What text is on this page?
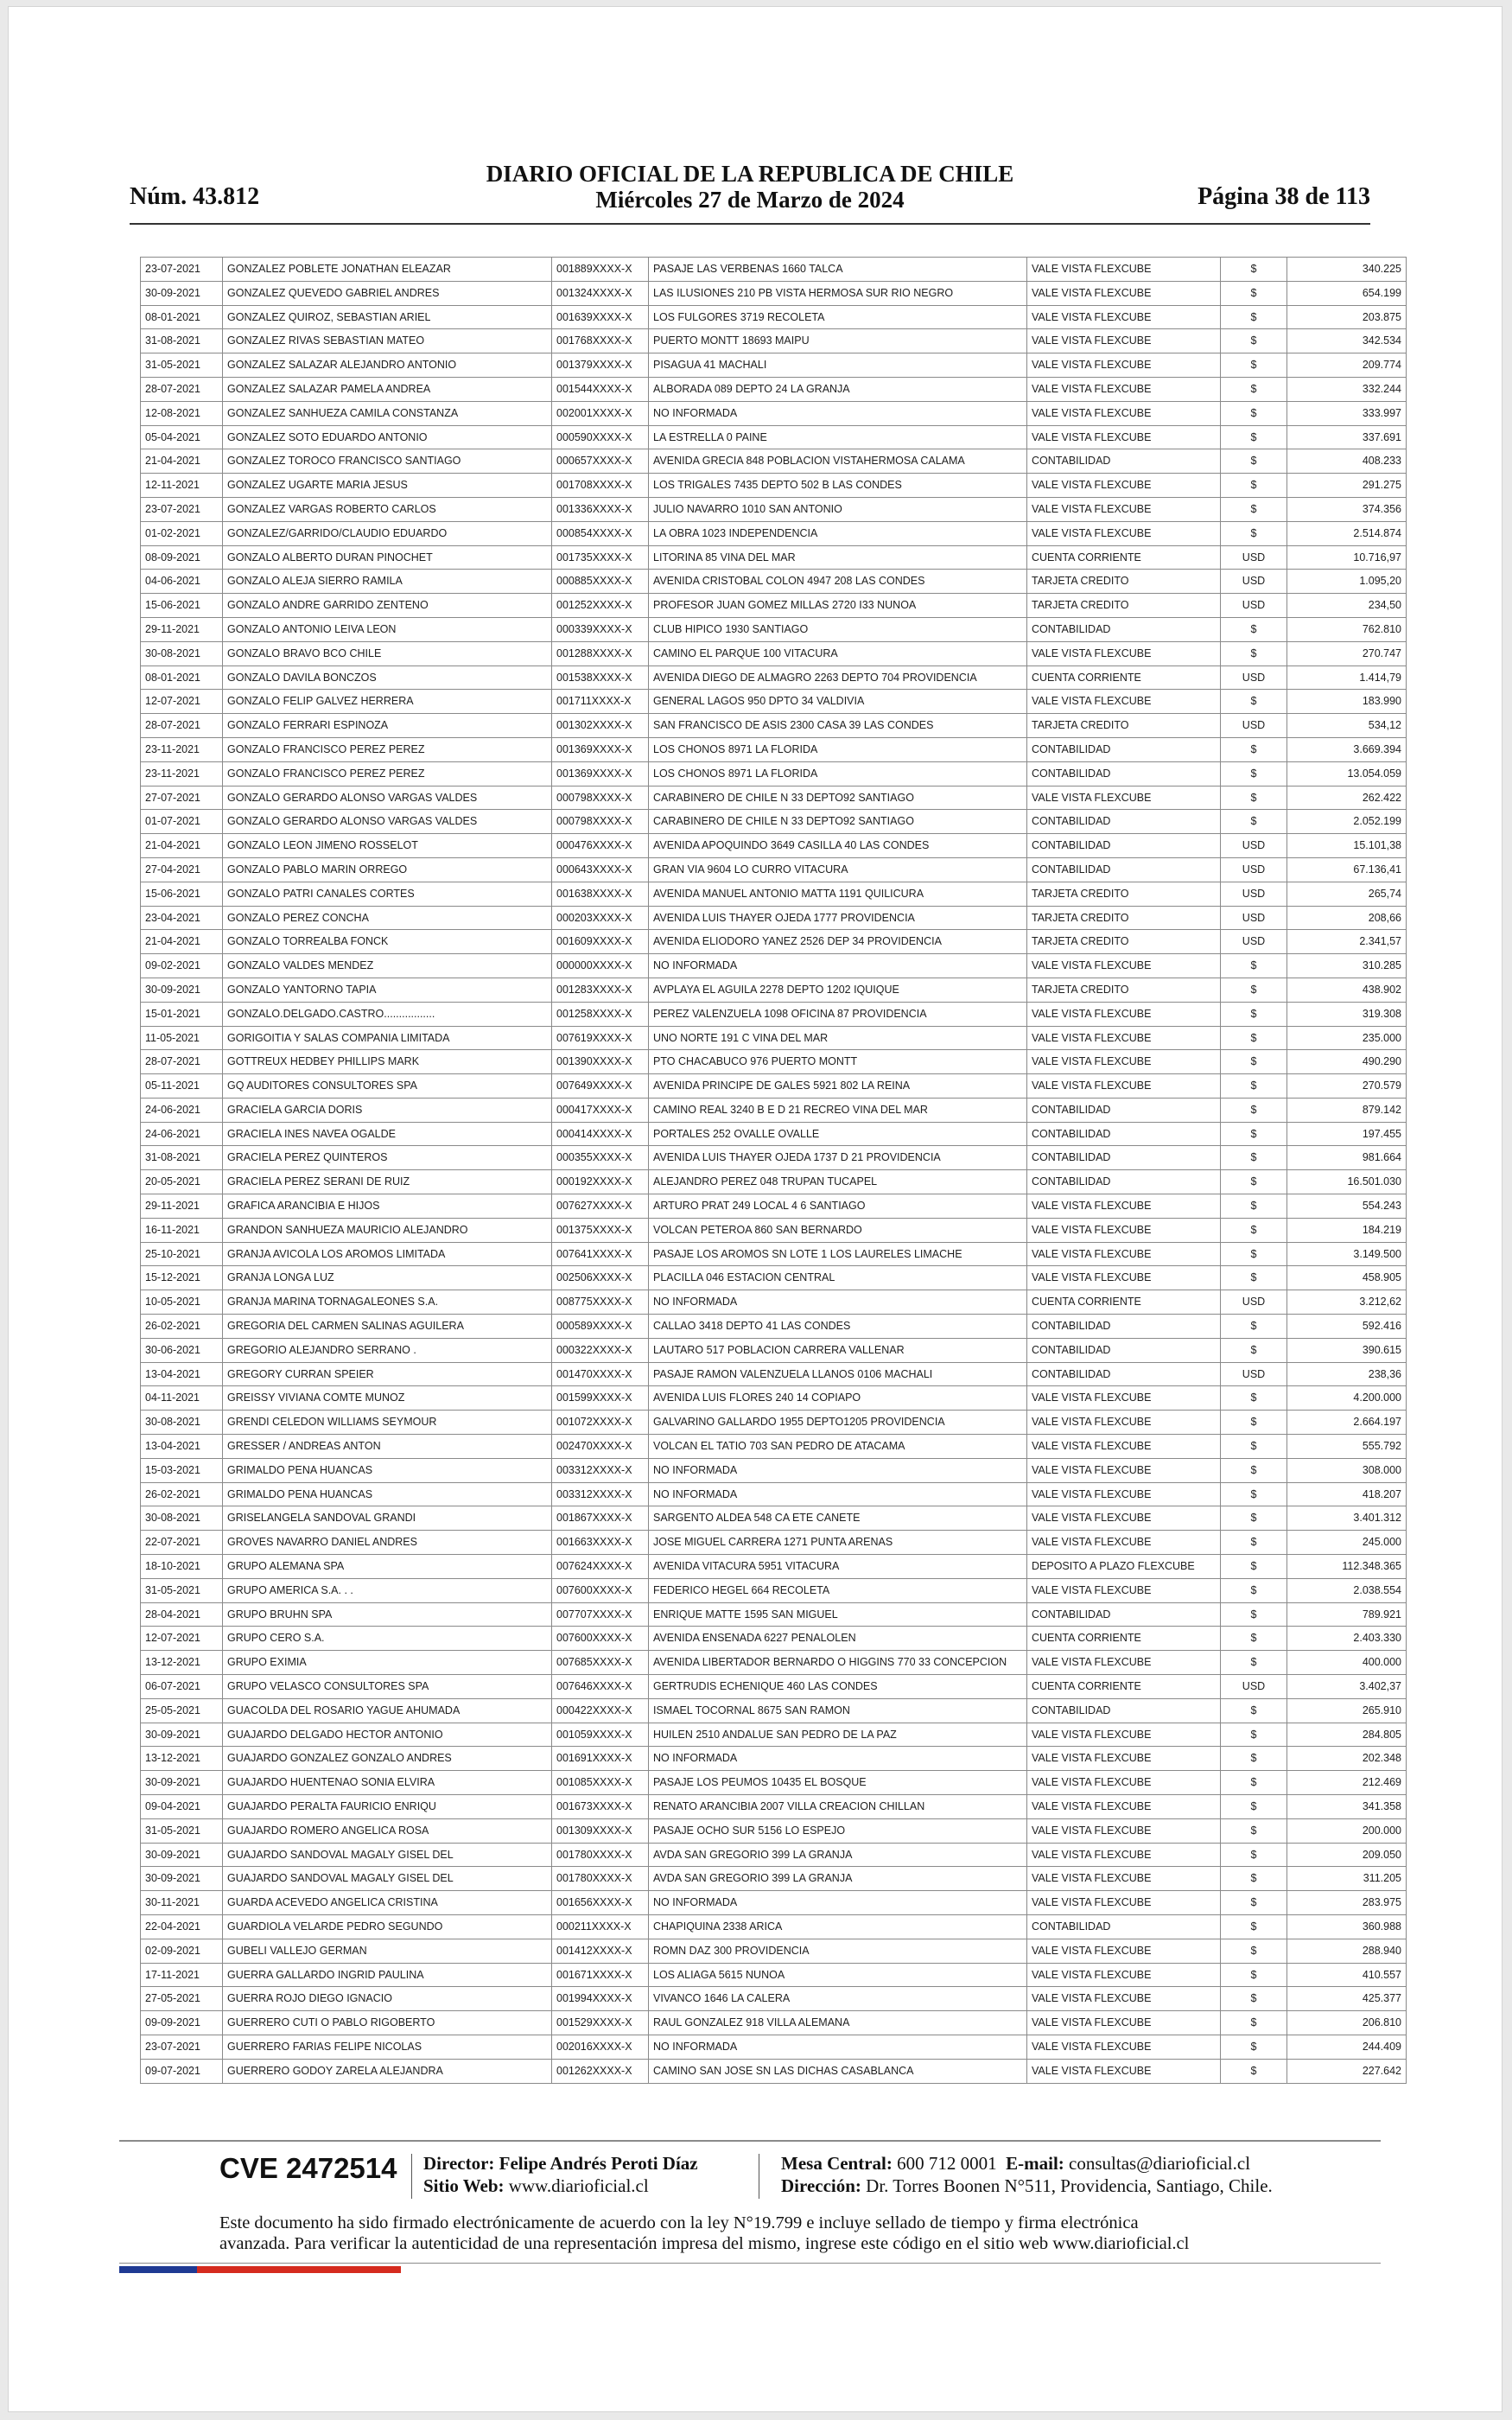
DIARIO OFICIAL DE LA REPUBLICA DE CHILE
Núm. 43.812	Miércoles 27 de Marzo de 2024	Página 38 de 113
23-07-2021	GONZALEZ POBLETE JONATHAN ELEAZAR	001889XXXX-X	PASAJE LAS VERBENAS 1660 TALCA	VALE VISTA FLEXCUBE	$	340.225
30-09-2021	GONZALEZ QUEVEDO GABRIEL ANDRES	001324XXXX-X	LAS ILUSIONES 210 PB VISTA HERMOSA SUR RIO NEGRO	VALE VISTA FLEXCUBE	$	654.199
08-01-2021	GONZALEZ QUIROZ, SEBASTIAN ARIEL	001639XXXX-X	LOS FULGORES 3719 RECOLETA	VALE VISTA FLEXCUBE	$	203.875
31-08-2021	GONZALEZ RIVAS SEBASTIAN MATEO	001768XXXX-X	PUERTO MONTT 18693 MAIPU	VALE VISTA FLEXCUBE	$	342.534
31-05-2021	GONZALEZ SALAZAR ALEJANDRO ANTONIO	001379XXXX-X	PISAGUA 41 MACHALI	VALE VISTA FLEXCUBE	$	209.774
28-07-2021	GONZALEZ SALAZAR PAMELA ANDREA	001544XXXX-X	ALBORADA 089 DEPTO 24 LA GRANJA	VALE VISTA FLEXCUBE	$	332.244
12-08-2021	GONZALEZ SANHUEZA CAMILA CONSTANZA	002001XXXX-X	NO INFORMADA	VALE VISTA FLEXCUBE	$	333.997
05-04-2021	GONZALEZ SOTO EDUARDO ANTONIO	000590XXXX-X	LA ESTRELLA 0 PAINE	VALE VISTA FLEXCUBE	$	337.691
21-04-2021	GONZALEZ TOROCO FRANCISCO SANTIAGO	000657XXXX-X	AVENIDA GRECIA 848 POBLACION VISTAHERMOSA CALAMA	CONTABILIDAD	$	408.233
12-11-2021	GONZALEZ UGARTE MARIA JESUS	001708XXXX-X	LOS TRIGALES 7435 DEPTO 502 B LAS CONDES	VALE VISTA FLEXCUBE	$	291.275
23-07-2021	GONZALEZ VARGAS ROBERTO CARLOS	001336XXXX-X	JULIO NAVARRO 1010 SAN ANTONIO	VALE VISTA FLEXCUBE	$	374.356
01-02-2021	GONZALEZ/GARRIDO/CLAUDIO EDUARDO	000854XXXX-X	LA OBRA 1023 INDEPENDENCIA	VALE VISTA FLEXCUBE	$	2.514.874
08-09-2021	GONZALO ALBERTO DURAN PINOCHET	001735XXXX-X	LITORINA 85 VINA DEL MAR	CUENTA CORRIENTE	USD	10.716,97
04-06-2021	GONZALO ALEJA SIERRO RAMILA	000885XXXX-X	AVENIDA CRISTOBAL COLON 4947 208 LAS CONDES	TARJETA CREDITO	USD	1.095,20
15-06-2021	GONZALO ANDRE GARRIDO ZENTENO	001252XXXX-X	PROFESOR JUAN GOMEZ MILLAS 2720 I33 NUNOA	TARJETA CREDITO	USD	234,50
29-11-2021	GONZALO ANTONIO LEIVA LEON	000339XXXX-X	CLUB HIPICO 1930 SANTIAGO	CONTABILIDAD	$	762.810
30-08-2021	GONZALO BRAVO BCO CHILE	001288XXXX-X	CAMINO EL PARQUE 100 VITACURA	VALE VISTA FLEXCUBE	$	270.747
08-01-2021	GONZALO DAVILA BONCZOS	001538XXXX-X	AVENIDA DIEGO DE ALMAGRO 2263 DEPTO 704 PROVIDENCIA	CUENTA CORRIENTE	USD	1.414,79
12-07-2021	GONZALO FELIP GALVEZ HERRERA	001711XXXX-X	GENERAL LAGOS 950 DPTO 34 VALDIVIA	VALE VISTA FLEXCUBE	$	183.990
28-07-2021	GONZALO FERRARI ESPINOZA	001302XXXX-X	SAN FRANCISCO DE ASIS 2300 CASA 39 LAS CONDES	TARJETA CREDITO	USD	534,12
23-11-2021	GONZALO FRANCISCO PEREZ PEREZ	001369XXXX-X	LOS CHONOS 8971 LA FLORIDA	CONTABILIDAD	$	3.669.394
23-11-2021	GONZALO FRANCISCO PEREZ PEREZ	001369XXXX-X	LOS CHONOS 8971 LA FLORIDA	CONTABILIDAD	$	13.054.059
27-07-2021	GONZALO GERARDO ALONSO VARGAS VALDES	000798XXXX-X	CARABINERO DE CHILE N 33 DEPTO92 SANTIAGO	VALE VISTA FLEXCUBE	$	262.422
01-07-2021	GONZALO GERARDO ALONSO VARGAS VALDES	000798XXXX-X	CARABINERO DE CHILE N 33 DEPTO92 SANTIAGO	CONTABILIDAD	$	2.052.199
21-04-2021	GONZALO LEON JIMENO ROSSELOT	000476XXXX-X	AVENIDA APOQUINDO 3649 CASILLA 40 LAS CONDES	CONTABILIDAD	USD	15.101,38
27-04-2021	GONZALO PABLO MARIN ORREGO	000643XXXX-X	GRAN VIA 9604 LO CURRO VITACURA	CONTABILIDAD	USD	67.136,41
15-06-2021	GONZALO PATRI CANALES CORTES	001638XXXX-X	AVENIDA MANUEL ANTONIO MATTA 1191 QUILICURA	TARJETA CREDITO	USD	265,74
23-04-2021	GONZALO PEREZ CONCHA	000203XXXX-X	AVENIDA LUIS THAYER OJEDA 1777 PROVIDENCIA	TARJETA CREDITO	USD	208,66
21-04-2021	GONZALO TORREALBA FONCK	001609XXXX-X	AVENIDA ELIODORO YANEZ 2526 DEP 34 PROVIDENCIA	TARJETA CREDITO	USD	2.341,57
09-02-2021	GONZALO VALDES MENDEZ	000000XXXX-X	NO INFORMADA	VALE VISTA FLEXCUBE	$	310.285
30-09-2021	GONZALO YANTORNO TAPIA	001283XXXX-X	AVPLAYA EL AGUILA 2278 DEPTO 1202 IQUIQUE	TARJETA CREDITO	$	438.902
15-01-2021	GONZALO.DELGADO.CASTRO.................	001258XXXX-X	PEREZ VALENZUELA 1098 OFICINA 87 PROVIDENCIA	VALE VISTA FLEXCUBE	$	319.308
11-05-2021	GORIGOITIA Y SALAS COMPANIA LIMITADA	007619XXXX-X	UNO NORTE 191 C VINA DEL MAR	VALE VISTA FLEXCUBE	$	235.000
28-07-2021	GOTTREUX HEDBEY PHILLIPS MARK	001390XXXX-X	PTO CHACABUCO 976 PUERTO MONTT	VALE VISTA FLEXCUBE	$	490.290
05-11-2021	GQ AUDITORES CONSULTORES SPA	007649XXXX-X	AVENIDA PRINCIPE DE GALES 5921 802 LA REINA	VALE VISTA FLEXCUBE	$	270.579
24-06-2021	GRACIELA GARCIA DORIS	000417XXXX-X	CAMINO REAL 3240 B E D 21 RECREO VINA DEL MAR	CONTABILIDAD	$	879.142
24-06-2021	GRACIELA INES NAVEA OGALDE	000414XXXX-X	PORTALES 252 OVALLE OVALLE	CONTABILIDAD	$	197.455
31-08-2021	GRACIELA PEREZ QUINTEROS	000355XXXX-X	AVENIDA LUIS THAYER OJEDA 1737 D 21 PROVIDENCIA	CONTABILIDAD	$	981.664
20-05-2021	GRACIELA PEREZ SERANI DE RUIZ	000192XXXX-X	ALEJANDRO PEREZ 048 TRUPAN TUCAPEL	CONTABILIDAD	$	16.501.030
29-11-2021	GRAFICA ARANCIBIA E HIJOS	007627XXXX-X	ARTURO PRAT 249 LOCAL 4 6 SANTIAGO	VALE VISTA FLEXCUBE	$	554.243
16-11-2021	GRANDON SANHUEZA MAURICIO ALEJANDRO	001375XXXX-X	VOLCAN PETEROA 860 SAN BERNARDO	VALE VISTA FLEXCUBE	$	184.219
25-10-2021	GRANJA AVICOLA LOS AROMOS LIMITADA	007641XXXX-X	PASAJE LOS AROMOS SN LOTE 1 LOS LAURELES LIMACHE	VALE VISTA FLEXCUBE	$	3.149.500
15-12-2021	GRANJA LONGA LUZ	002506XXXX-X	PLACILLA 046 ESTACION CENTRAL	VALE VISTA FLEXCUBE	$	458.905
10-05-2021	GRANJA MARINA TORNAGALEONES S.A.	008775XXXX-X	NO INFORMADA	CUENTA CORRIENTE	USD	3.212,62
26-02-2021	GREGORIA DEL CARMEN SALINAS AGUILERA	000589XXXX-X	CALLAO 3418 DEPTO 41 LAS CONDES	CONTABILIDAD	$	592.416
30-06-2021	GREGORIO ALEJANDRO SERRANO .	000322XXXX-X	LAUTARO 517 POBLACION CARRERA VALLENAR	CONTABILIDAD	$	390.615
13-04-2021	GREGORY CURRAN SPEIER	001470XXXX-X	PASAJE RAMON VALENZUELA LLANOS 0106 MACHALI	CONTABILIDAD	USD	238,36
04-11-2021	GREISSY VIVIANA COMTE MUNOZ	001599XXXX-X	AVENIDA LUIS FLORES 240 14 COPIAPO	VALE VISTA FLEXCUBE	$	4.200.000
30-08-2021	GRENDI CELEDON WILLIAMS SEYMOUR	001072XXXX-X	GALVARINO GALLARDO 1955 DEPTO1205 PROVIDENCIA	VALE VISTA FLEXCUBE	$	2.664.197
13-04-2021	GRESSER / ANDREAS ANTON	002470XXXX-X	VOLCAN EL TATIO 703 SAN PEDRO DE ATACAMA	VALE VISTA FLEXCUBE	$	555.792
15-03-2021	GRIMALDO PENA HUANCAS	003312XXXX-X	NO INFORMADA	VALE VISTA FLEXCUBE	$	308.000
26-02-2021	GRIMALDO PENA HUANCAS	003312XXXX-X	NO INFORMADA	VALE VISTA FLEXCUBE	$	418.207
30-08-2021	GRISELANGELA SANDOVAL GRANDI	001867XXXX-X	SARGENTO ALDEA 548 CA ETE CANETE	VALE VISTA FLEXCUBE	$	3.401.312
22-07-2021	GROVES NAVARRO DANIEL ANDRES	001663XXXX-X	JOSE MIGUEL CARRERA 1271 PUNTA ARENAS	VALE VISTA FLEXCUBE	$	245.000
18-10-2021	GRUPO ALEMANA SPA	007624XXXX-X	AVENIDA VITACURA 5951 VITACURA	DEPOSITO A PLAZO FLEXCUBE	$	112.348.365
31-05-2021	GRUPO AMERICA S.A. . .	007600XXXX-X	FEDERICO HEGEL 664 RECOLETA	VALE VISTA FLEXCUBE	$	2.038.554
28-04-2021	GRUPO BRUHN SPA	007707XXXX-X	ENRIQUE MATTE 1595 SAN MIGUEL	CONTABILIDAD	$	789.921
12-07-2021	GRUPO CERO S.A.	007600XXXX-X	AVENIDA ENSENADA 6227 PENALOLEN	CUENTA CORRIENTE	$	2.403.330
13-12-2021	GRUPO EXIMIA	007685XXXX-X	AVENIDA LIBERTADOR BERNARDO O HIGGINS 770 33 CONCEPCION	VALE VISTA FLEXCUBE	$	400.000
06-07-2021	GRUPO VELASCO CONSULTORES SPA	007646XXXX-X	GERTRUDIS ECHENIQUE 460 LAS CONDES	CUENTA CORRIENTE	USD	3.402,37
25-05-2021	GUACOLDA DEL ROSARIO YAGUE AHUMADA	000422XXXX-X	ISMAEL TOCORNAL 8675 SAN RAMON	CONTABILIDAD	$	265.910
30-09-2021	GUAJARDO DELGADO HECTOR ANTONIO	001059XXXX-X	HUILEN 2510 ANDALUE SAN PEDRO DE LA PAZ	VALE VISTA FLEXCUBE	$	284.805
13-12-2021	GUAJARDO GONZALEZ GONZALO ANDRES	001691XXXX-X	NO INFORMADA	VALE VISTA FLEXCUBE	$	202.348
30-09-2021	GUAJARDO HUENTENAO SONIA ELVIRA	001085XXXX-X	PASAJE LOS PEUMOS 10435 EL BOSQUE	VALE VISTA FLEXCUBE	$	212.469
09-04-2021	GUAJARDO PERALTA FAURICIO ENRIQU	001673XXXX-X	RENATO ARANCIBIA 2007 VILLA CREACION CHILLAN	VALE VISTA FLEXCUBE	$	341.358
31-05-2021	GUAJARDO ROMERO ANGELICA ROSA	001309XXXX-X	PASAJE OCHO SUR 5156 LO ESPEJO	VALE VISTA FLEXCUBE	$	200.000
30-09-2021	GUAJARDO SANDOVAL MAGALY GISEL DEL	001780XXXX-X	AVDA SAN GREGORIO 399 LA GRANJA	VALE VISTA FLEXCUBE	$	209.050
30-09-2021	GUAJARDO SANDOVAL MAGALY GISEL DEL	001780XXXX-X	AVDA SAN GREGORIO 399 LA GRANJA	VALE VISTA FLEXCUBE	$	311.205
30-11-2021	GUARDA ACEVEDO ANGELICA CRISTINA	001656XXXX-X	NO INFORMADA	VALE VISTA FLEXCUBE	$	283.975
22-04-2021	GUARDIOLA VELARDE PEDRO SEGUNDO	000211XXXX-X	CHAPIQUINA 2338 ARICA	CONTABILIDAD	$	360.988
02-09-2021	GUBELI VALLEJO GERMAN	001412XXXX-X	ROMN DAZ 300 PROVIDENCIA	VALE VISTA FLEXCUBE	$	288.940
17-11-2021	GUERRA GALLARDO INGRID PAULINA	001671XXXX-X	LOS ALIAGA 5615 NUNOA	VALE VISTA FLEXCUBE	$	410.557
27-05-2021	GUERRA ROJO DIEGO IGNACIO	001994XXXX-X	VIVANCO 1646 LA CALERA	VALE VISTA FLEXCUBE	$	425.377
09-09-2021	GUERRERO CUTI O PABLO RIGOBERTO	001529XXXX-X	RAUL GONZALEZ 918 VILLA ALEMANA	VALE VISTA FLEXCUBE	$	206.810
23-07-2021	GUERRERO FARIAS FELIPE NICOLAS	002016XXXX-X	NO INFORMADA	VALE VISTA FLEXCUBE	$	244.409
09-07-2021	GUERRERO GODOY ZARELA ALEJANDRA	001262XXXX-X	CAMINO SAN JOSE SN LAS DICHAS CASABLANCA	VALE VISTA FLEXCUBE	$	227.642
CVE 2472514 Director: Felipe Andrés Peroti Díaz
Sitio Web: www.diarioficial.cl
Mesa Central: 600 712 0001 E-mail: consultas@diarioficial.cl
Dirección: Dr. Torres Boonen N°511, Providencia, Santiago, Chile.
Este documento ha sido firmado electrónicamente de acuerdo con la ley N°19.799 e incluye sellado de tiempo y firma electrónica
avanzada. Para verificar la autenticidad de una representación impresa del mismo, ingrese este código en el sitio web www.diarioficial.cl
